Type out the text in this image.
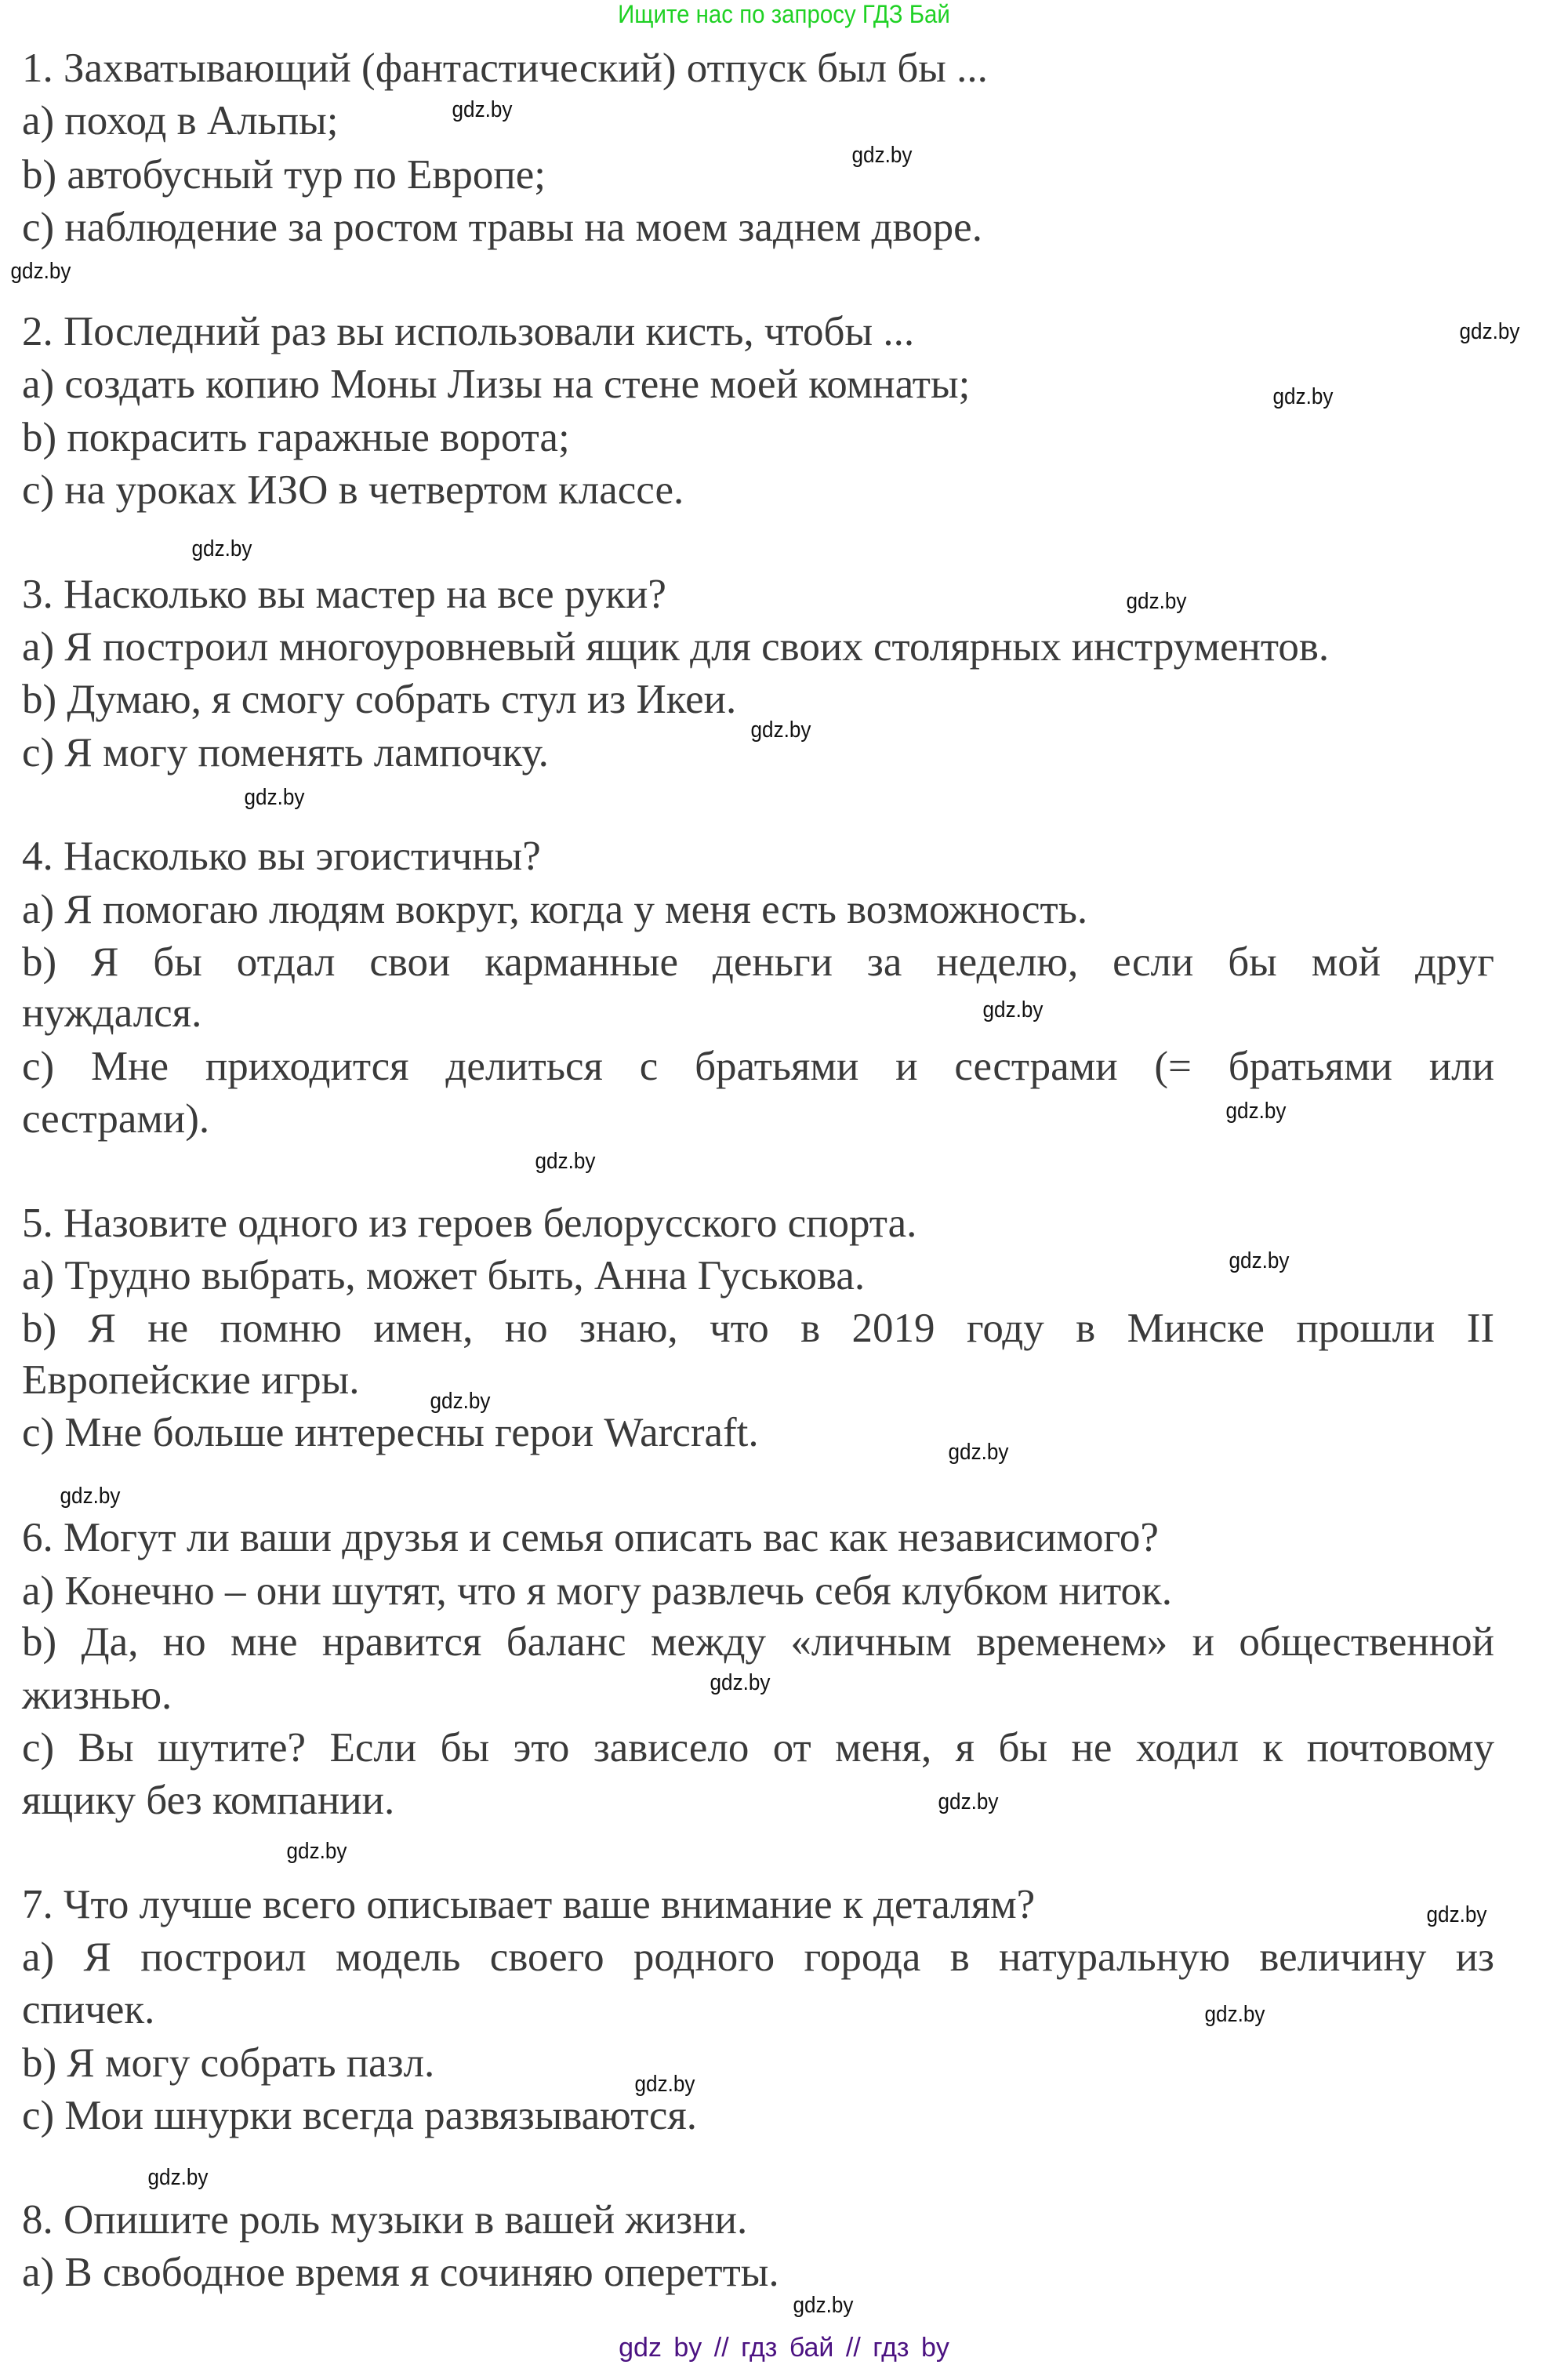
Ищите нас по запросу ГДЗ Бай
1. Захватывающий (фантастический) отпуск был бы ...
a) поход в Альпы;
b) автобусный тур по Европе;
c) наблюдение за ростом травы на моем заднем дворе.
2. Последний раз вы использовали кисть, чтобы ...
a) создать копию Моны Лизы на стене моей комнаты;
b) покрасить гаражные ворота;
c) на уроках ИЗО в четвертом классе.
3. Насколько вы мастер на все руки?
a) Я построил многоуровневый ящик для своих столярных инструментов.
b) Думаю, я смогу собрать стул из Икеи.
c) Я могу поменять лампочку.
4. Насколько вы эгоистичны?
a) Я помогаю людям вокруг, когда у меня есть возможность.
b) Я бы отдал свои карманные деньги за неделю, если бы мой друг
нуждался.
c) Мне приходится делиться с братьями и сестрами (= братьями или
сестрами).
5. Назовите одного из героев белорусского спорта.
a) Трудно выбрать, может быть, Анна Гуськова.
b) Я не помню имен, но знаю, что в 2019 году в Минске прошли II
Европейские игры.
c) Мне больше интересны герои Warcraft.
6. Могут ли ваши друзья и семья описать вас как независимого?
a) Конечно – они шутят, что я могу развлечь себя клубком ниток.
b) Да, но мне нравится баланс между «личным временем» и общественной
жизнью.
c) Вы шутите? Если бы это зависело от меня, я бы не ходил к почтовому
ящику без компании.
7. Что лучше всего описывает ваше внимание к деталям?
a) Я построил модель своего родного города в натуральную величину из
спичек.
b) Я могу собрать пазл.
c) Мои шнурки всегда развязываются.
8. Опишите роль музыки в вашей жизни.
a) В свободное время я сочиняю оперетты.
gdz.by
gdz.by
gdz.by
gdz.by
gdz.by
gdz.by
gdz.by
gdz.by
gdz.by
gdz.by
gdz.by
gdz.by
gdz.by
gdz.by
gdz.by
gdz.by
gdz.by
gdz.by
gdz.by
gdz.by
gdz.by
gdz.by
gdz.by
gdz.by
gdz by // гдз бай // гдз by
